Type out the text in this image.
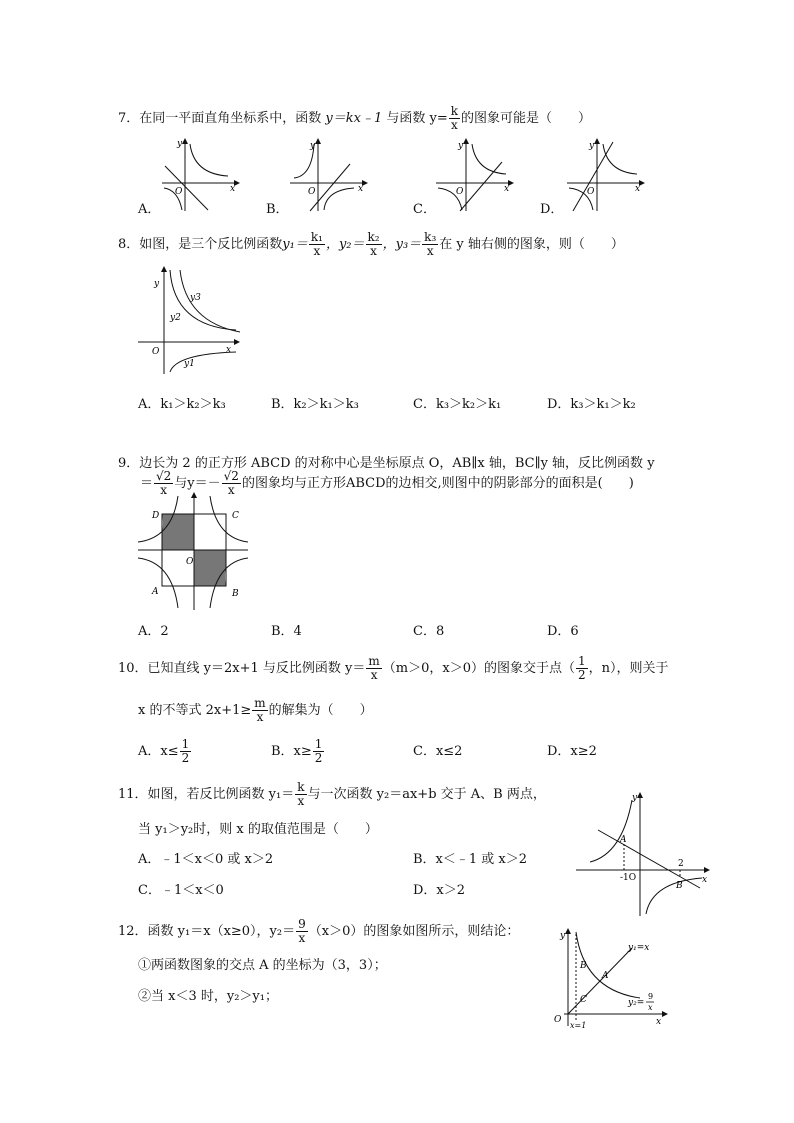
7．在同一平面直角坐标系中，函数 y＝kx﹣1 与函数 $y= \frac{k}{x}$ 的图象可能是（　　）
y
x
O
A．
y
x
O
B．
y
x
O
C．
y
x
O
D．
8．如图，是三个反比例函数$y_1= \frac{\text{k₁}}{x}$ ，$y_2= \frac{\text{k₂}}{x}$ ，$y_3= \frac{\text{k₃}}{x}$ 在 y 轴右侧的图象，则（　　）
y
x
O
y3
y2
y1
A．k₁＞k₂＞k₃	B．k₂＞k₁＞k₃	C．k₃＞k₂＞k₁	D．k₃＞k₁＞k₂
9．边长为 2 的正方形 ABCD 的对称中心是坐标原点 O，AB∥x 轴，BC∥y 轴，反比例函数 y
＝ $\frac{√2}{x}$ 与$y=- \frac{√2}{x}$ 的图象均与正方形ABCD的边相交,则图中的阴影部分的面积是(　　)
D	C
A	B
O
A．2	B．4	C．8	D．6
10．已知直线 y＝2x+1 与反比例函数 $y= \frac{m}{x} (m>0$，x＞0）的图象交于点（ $\frac{1}{2}$ ，n），则关于
x 的不等式 $2x+1\ge \frac{m}{x}$ 的解集为（　　）
A．$x\le \frac{1}{2}$	B．$x\ge \frac{1}{2}$	C．x≤2	D．x≥2
11．如图，若反比例函数 $y_1= \frac{k}{x}$ 与一次函数 y₂＝ax+b 交于 A、B 两点，
当 y₁＞y₂时，则 x 的取值范围是（　　）
A．﹣1＜x＜0 或 x＞2	B．x＜﹣1 或 x＞2
C．﹣1＜x＜0	D．x＞2
y
x
A
B
-1O
2
12．函数 y₁＝x（x≥0），$y_2= \frac{9}{x} (x>0)$的图象如图所示，则结论：
①两函数图象的交点 A 的坐标为（3，3）；
②当 x＜3 时，y₂＞y₁；
y
x
O
B
A
C
y₁=x
y₂=
9
x
x=1
